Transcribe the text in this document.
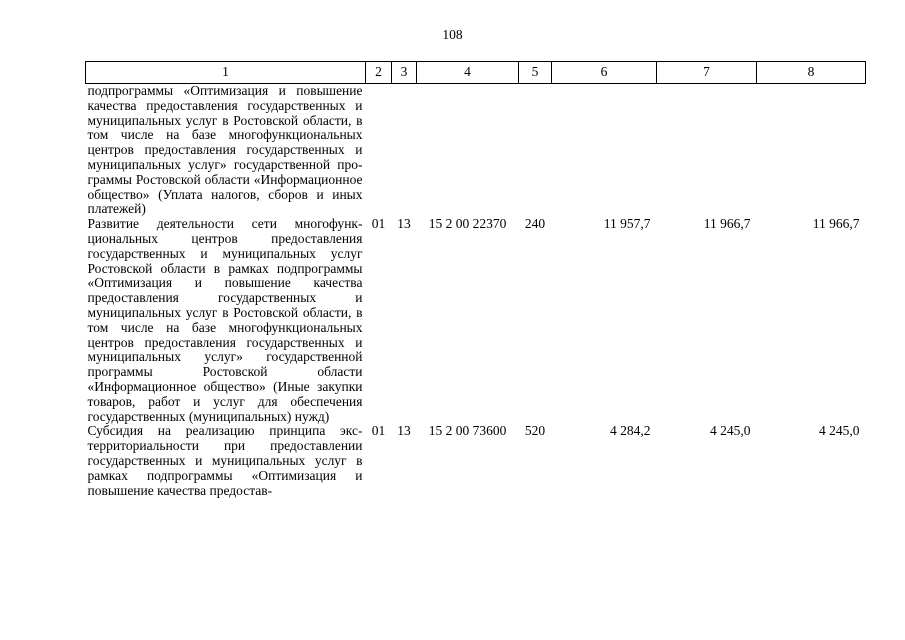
108
1	2	3	4	5	6	7	8
подпрограммы «Оптимизация и повышение качества предоставления государственных и муниципальных услуг в Ростовской области, в том числе на базе многофункциональных центров предоставления государственных и муниципальных услуг» государственной программы Ростовской области «Информационное общество» (Уплата налогов, сборов и иных платежей)							
Развитие деятельности сети многофункциональных центров предоставления государственных и муниципальных услуг Ростовской области в рамках подпрограммы «Оптимизация и повышение качества предоставления государственных и муниципальных услуг в Ростовской области, в том числе на базе многофункциональных центров предоставления государственных и муниципальных услуг» государственной программы Ростовской области «Информационное общество» (Иные закупки товаров, работ и услуг для обеспечения государственных (муниципальных) нужд)	01	13	15 2 00 22370	240	11 957,7	11 966,7	11 966,7
Субсидия на реализацию принципа экстерриториальности при предоставлении государственных и муниципальных услуг в рамках подпрограммы «Оптимизация и повышение качества предостав-	01	13	15 2 00 73600	520	4 284,2	4 245,0	4 245,0
